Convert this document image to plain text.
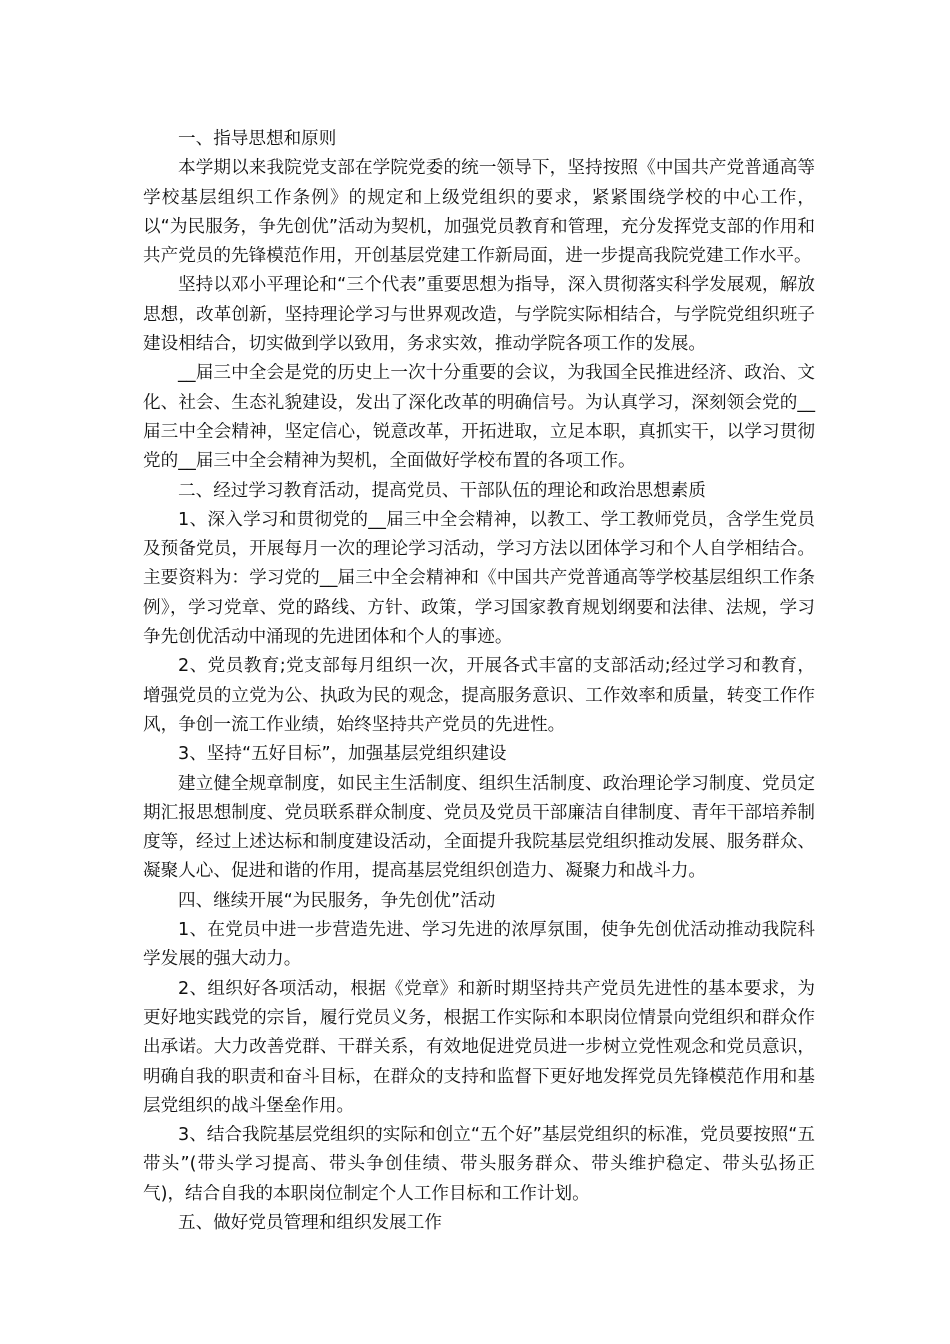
一、指导思想和原则

本学期以来我院党支部在学院党委的统一领导下，坚持按照《中国共产党普通高等学校基层组织工作条例》的规定和上级党组织的要求，紧紧围绕学校的中心工作，以“为民服务，争先创优”活动为契机，加强党员教育和管理，充分发挥党支部的作用和共产党员的先锋模范作用，开创基层党建工作新局面，进一步提高我院党建工作水平。

坚持以邓小平理论和“三个代表”重要思想为指导，深入贯彻落实科学发展观，解放思想，改革创新，坚持理论学习与世界观改造，与学院实际相结合，与学院党组织班子建设相结合，切实做到学以致用，务求实效，推动学院各项工作的发展。

__届三中全会是党的历史上一次十分重要的会议，为我国全民推进经济、政治、文化、社会、生态礼貌建设，发出了深化改革的明确信号。为认真学习，深刻领会党的__届三中全会精神，坚定信心，锐意改革，开拓进取，立足本职，真抓实干，以学习贯彻党的__届三中全会精神为契机，全面做好学校布置的各项工作。

二、经过学习教育活动，提高党员、干部队伍的理论和政治思想素质

1、深入学习和贯彻党的__届三中全会精神，以教工、学工教师党员，含学生党员及预备党员，开展每月一次的理论学习活动，学习方法以团体学习和个人自学相结合。主要资料为：学习党的__届三中全会精神和《中国共产党普通高等学校基层组织工作条例》，学习党章、党的路线、方针、政策，学习国家教育规划纲要和法律、法规，学习争先创优活动中涌现的先进团体和个人的事迹。

2、党员教育;党支部每月组织一次，开展各式丰富的支部活动;经过学习和教育，增强党员的立党为公、执政为民的观念，提高服务意识、工作效率和质量，转变工作作风，争创一流工作业绩，始终坚持共产党员的先进性。

3、坚持“五好目标”，加强基层党组织建设

建立健全规章制度，如民主生活制度、组织生活制度、政治理论学习制度、党员定期汇报思想制度、党员联系群众制度、党员及党员干部廉洁自律制度、青年干部培养制度等，经过上述达标和制度建设活动，全面提升我院基层党组织推动发展、服务群众、凝聚人心、促进和谐的作用，提高基层党组织创造力、凝聚力和战斗力。

四、继续开展“为民服务，争先创优”活动

1、在党员中进一步营造先进、学习先进的浓厚氛围，使争先创优活动推动我院科学发展的强大动力。

2、组织好各项活动，根据《党章》和新时期坚持共产党员先进性的基本要求，为更好地实践党的宗旨，履行党员义务，根据工作实际和本职岗位情景向党组织和群众作出承诺。大力改善党群、干群关系，有效地促进党员进一步树立党性观念和党员意识，明确自我的职责和奋斗目标，在群众的支持和监督下更好地发挥党员先锋模范作用和基层党组织的战斗堡垒作用。

3、结合我院基层党组织的实际和创立“五个好”基层党组织的标准，党员要按照“五带头”(带头学习提高、带头争创佳绩、带头服务群众、带头维护稳定、带头弘扬正气)，结合自我的本职岗位制定个人工作目标和工作计划。

五、做好党员管理和组织发展工作
